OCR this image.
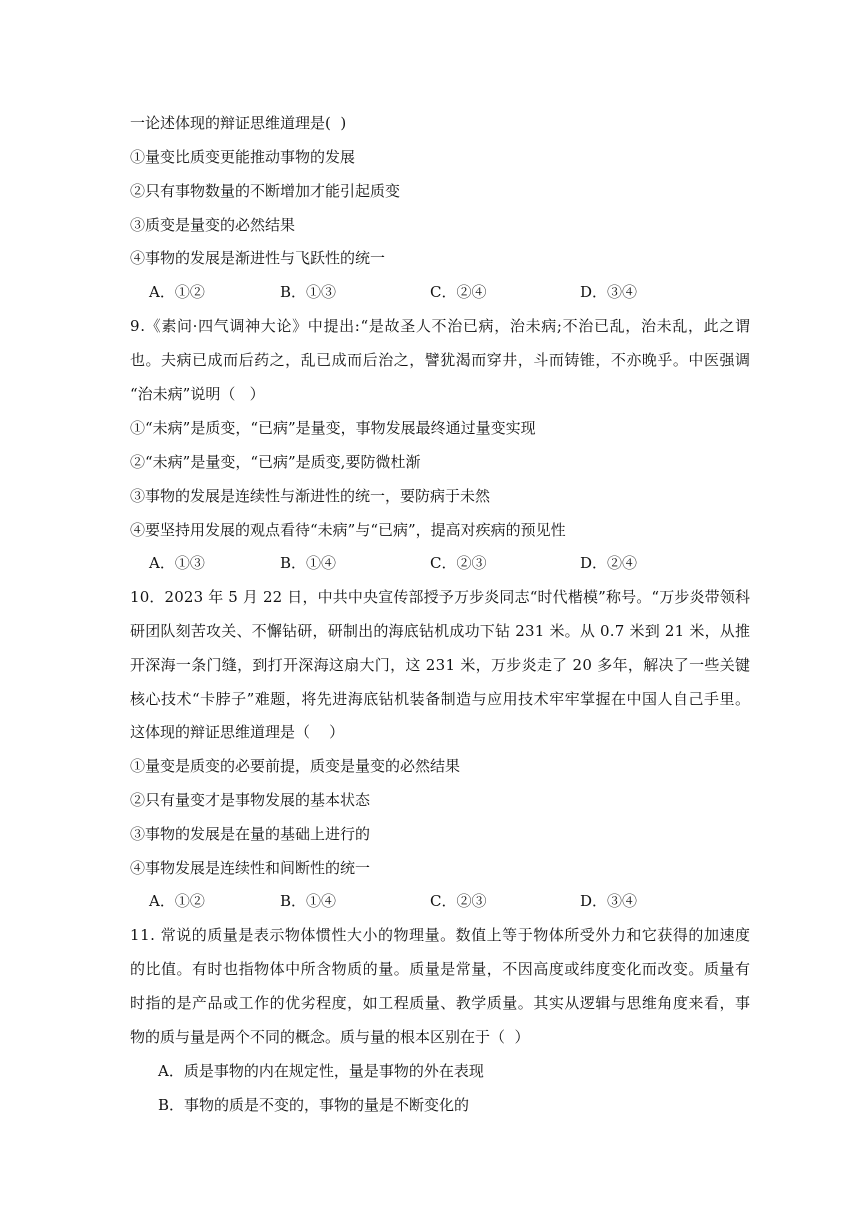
一论述体现的辩证思维道理是(  )
①量变比质变更能推动事物的发展
②只有事物数量的不断增加才能引起质变
③质变是量变的必然结果
④事物的发展是渐进性与飞跃性的统一
A．①②	B．①③	C．②④	D．③④
9.《素问·四气调神大论》中提出:“是故圣人不治已病，治未病;不治已乱，治未乱，此之谓
也。夫病已成而后药之，乱已成而后治之，譬犹渴而穿井，斗而铸锥，不亦晚乎。中医强调
“治未病”说明（   ）
①“未病”是质变，“已病”是量变，事物发展最终通过量变实现
②“未病”是量变，“已病”是质变,要防微杜渐
③事物的发展是连续性与渐进性的统一，要防病于未然
④要坚持用发展的观点看待“未病”与“已病”，提高对疾病的预见性
A．①③	B．①④	C．②③	D．②④
10．2023 年 5 月 22 日，中共中央宣传部授予万步炎同志“时代楷模”称号。“万步炎带领科
研团队刻苦攻关、不懈钻研，研制出的海底钻机成功下钻 231 米。从 0.7 米到 21 米，从推
开深海一条门缝，到打开深海这扇大门，这 231 米，万步炎走了 20 多年，解决了一些关键
核心技术“卡脖子”难题，将先进海底钻机装备制造与应用技术牢牢掌握在中国人自己手里。
这体现的辩证思维道理是（    ）
①量变是质变的必要前提，质变是量变的必然结果
②只有量变才是事物发展的基本状态
③事物的发展是在量的基础上进行的
④事物发展是连续性和间断性的统一
A．①②	B．①④	C．②③	D．③④
11. 常说的质量是表示物体惯性大小的物理量。数值上等于物体所受外力和它获得的加速度
的比值。有时也指物体中所含物质的量。质量是常量，不因高度或纬度变化而改变。质量有
时指的是产品或工作的优劣程度，如工程质量、教学质量。其实从逻辑与思维角度来看，事
物的质与量是两个不同的概念。质与量的根本区别在于（  ）
A．质是事物的内在规定性，量是事物的外在表现
B．事物的质是不变的，事物的量是不断变化的
